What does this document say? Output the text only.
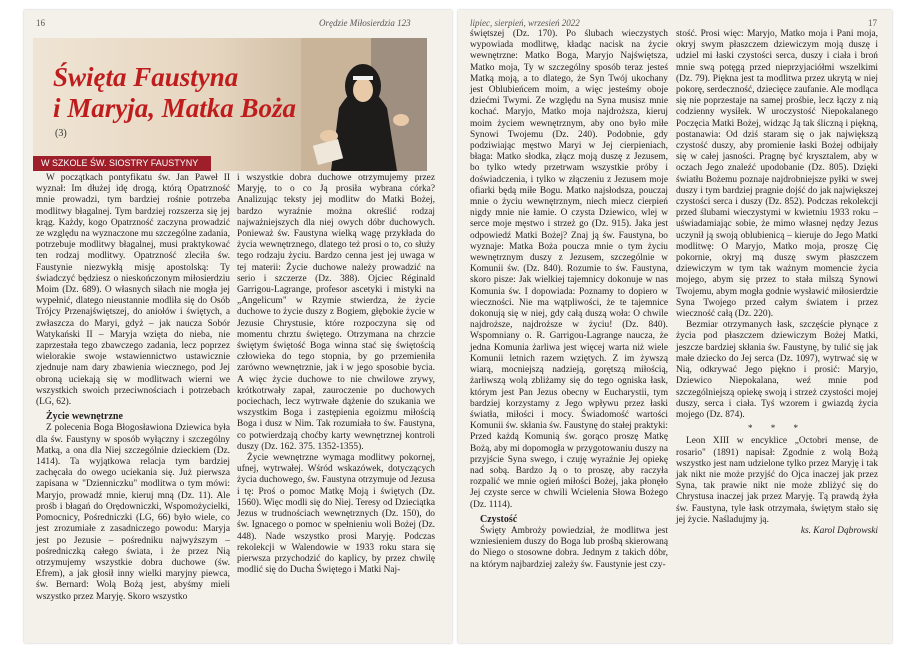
16	Orędzie Miłosierdzia 123
Święta Faustyna
i Maryja, Matka Boża
(3)
W SZKOLE ŚW. SIOSTRY FAUSTYNY

W początkach pontyfikatu św. Jan Paweł II wyznał: Im dłużej idę drogą, którą Opatrzność mnie prowadzi, tym bardziej rośnie potrzeba modlitwy błagalnej. Tym bardziej rozszerza się jej krąg. Każdy, kogo Opatrzność zaczyna prowadzić ze względu na wyznaczone mu szczególne zadania, potrzebuje modlitwy błagalnej, musi praktykować ten rodzaj modlitwy. Opatrzność zleciła św. Faustynie niezwykłą misję apostolską: Ty świadczyć będziesz o nieskończonym miłosierdziu Moim (Dz. 689). O własnych siłach nie mogła jej wypełnić, dlatego nieustannie modliła się do Osób Trójcy Przenajświętszej, do aniołów i świętych, a zwłaszcza do Maryi, gdyż – jak naucza Sobór Watykański II – Maryja wzięta do nieba, nie zaprzestała tego zbawczego zadania, lecz poprzez wielorakie swoje wstawiennictwo ustawicznie zjednuje nam dary zbawienia wiecznego, pod Jej obroną uciekają się w modlitwach wierni we wszystkich swoich przeciwnościach i potrzebach (LG, 62).

Życie wewnętrzne

Z polecenia Boga Błogosławiona Dziewica była dla św. Faustyny w sposób wyłączny i szczególny Matką, a ona dla Niej szczególnie dzieckiem (Dz. 1414). Ta wyjątkowa relacja tym bardziej zachęcała do owego uciekania się. Już pierwsza zapisana w "Dzienniczku" modlitwa o tym mówi: Maryjo, prowadź mnie, kieruj mną (Dz. 11). Ale prośb i błagań do Orędowniczki, Wspomożycielki, Pomocnicy, Pośredniczki (LG, 66) było wiele, co jest zrozumiałe z zasadniczego powodu: Maryja jest po Jezusie – pośredniku najwyższym – pośredniczką całego świata, i że przez Nią otrzymujemy wszystkie dobra duchowe (św. Efrem), a jak głosił inny wielki maryjny piewca, św. Bernard: Wolą Bożą jest, abyśmy mieli wszystko przez Maryję. Skoro wszystko

i wszystkie dobra duchowe otrzymujemy przez Maryję, to o co Ją prosiła wybrana córka? Analizując teksty jej modlitw do Matki Bożej, bardzo wyraźnie można określić rodzaj najważniejszych dla niej owych dóbr duchowych. Ponieważ św. Faustyna wielką wagę przykłada do życia wewnętrznego, dlatego też prosi o to, co służy tego rodzaju życiu. Bardzo cenna jest jej uwaga w tej materii: Życie duchowe należy prowadzić na serio i szczerze (Dz. 388). Ojciec Réginald Garrigou-Lagrange, profesor ascetyki i mistyki na „Angelicum" w Rzymie stwierdza, że życie duchowe to życie duszy z Bogiem, głębokie życie w Jezusie Chrystusie, które rozpoczyna się od momentu chrztu świętego. Otrzymana na chrzcie świętym świętość Boga winna stać się świętością człowieka do tego stopnia, by go przemieniła zarówno wewnętrznie, jak i w jego sposobie bycia. A więc życie duchowe to nie chwilowe zrywy, krótkotrwały zapał, zauroczenie po duchowych pociechach, lecz wytrwałe dążenie do szukania we wszystkim Boga i zastępienia egoizmu miłością Boga i dusz w Nim. Tak rozumiała to św. Faustyna, co potwierdzają choćby karty wewnętrznej kontroli duszy (Dz. 162. 375. 1352-1355).

Życie wewnętrzne wymaga modlitwy pokornej, ufnej, wytrwałej. Wśród wskazówek, dotyczących życia duchowego, św. Faustyna otrzymuje od Jezusa i tę: Proś o pomoc Matkę Moją i świętych (Dz. 1560). Więc modli się do Niej. Teresy od Dzieciątka Jezus w trudnościach wewnętrznych (Dz. 150), do św. Ignacego o pomoc w spełnieniu woli Bożej (Dz. 448). Nade wszystko prosi Maryję. Podczas rekolekcji w Walendowie w 1933 roku stara się pierwsza przychodzić do kaplicy, by przez chwilę modlić się do Ducha Świętego i Matki Naj-

lipiec, sierpień, wrzesień 2022	17

świętszej (Dz. 170). Po ślubach wieczystych wypowiada modlitwę, kładąc nacisk na życie wewnętrzne: Matko Boga, Maryjo Najświętsza, Matko moja, Ty w szczególny sposób teraz jesteś Matką moją, a to dlatego, że Syn Twój ukochany jest Oblubieńcem moim, a więc jesteśmy oboje dziećmi Twymi. Ze względu na Syna musisz mnie kochać. Maryjo, Matko moja najdroższa, kieruj moim życiem wewnętrznym, aby ono było miłe Synowi Twojemu (Dz. 240). Podobnie, gdy podziwiając męstwo Maryi w Jej cierpieniach, błaga: Matko słodka, złącz moją duszę z Jezusem, bo tylko wtedy przetrwam wszystkie próby i doświadczenia, i tylko w złączeniu z Jezusem moje ofiarki będą miłe Bogu. Matko najsłodsza, pouczaj mnie o życiu wewnętrznym, niech miecz cierpień nigdy mnie nie łamie. O czysta Dziewico, wlej w serce moje męstwo i strzeż go (Dz. 915). Jaka jest odpowiedź Matki Bożej? Znaj ją św. Faustyna, bo wyznaje: Matka Boża poucza mnie o tym życiu wewnętrznym duszy z Jezusem, szczególnie w Komunii św. (Dz. 840). Rozumie to św. Faustyna, skoro pisze: Jak wielkiej tajemnicy dokonuje w nas Komunia św. I dopowiada: Poznamy to dopiero w wieczności. Nie ma wątpliwości, że te tajemnice dokonują się w niej, gdy całą duszą woła: O chwile najdroższe, najdroższe w życiu! (Dz. 840). Wspomniany o. R. Garrigou-Lagrange naucza, że jedna Komunia żarliwa jest więcej warta niż wiele Komunii letnich razem wziętych. Z im żywszą wiarą, mocniejszą nadzieją, gorętszą miłością, żarliwszą wolą zbliżamy się do tego ogniska łask, którym jest Pan Jezus obecny w Eucharystii, tym bardziej korzystamy z Jego wpływu przez łaski światła, miłości i mocy. Świadomość wartości Komunii św. skłania św. Faustynę do stałej praktyki: Przed każdą Komunią św. gorąco proszę Matkę Bożą, aby mi dopomogła w przygotowaniu duszy na przyjście Syna swego, i czuję wyraźnie Jej opiekę nad sobą. Bardzo Ją o to proszę, aby raczyła rozpalić we mnie ogień miłości Bożej, jaka płonęło Jej czyste serce w chwili Wcielenia Słowa Bożego (Dz. 1114).

Czystość

Święty Ambroży powiedział, że modlitwa jest wzniesieniem duszy do Boga lub prośbą skierowaną do Niego o stosowne dobra. Jednym z takich dóbr, na którym najbardziej zależy św. Faustynie jest czy-

stość. Prosi więc: Maryjo, Matko moja i Pani moja, okryj swym płaszczem dziewiczym moją duszę i udziel mi łaski czystości serca, duszy i ciała i broń mnie swą potęgą przed nieprzyjaciółmi wszelkimi (Dz. 79). Piękna jest ta modlitwa przez ukrytą w niej pokorę, serdeczność, dziecięce zaufanie. Ale modląca się nie poprzestaje na samej prośbie, lecz łączy z nią codzienny wysiłek. W uroczystość Niepokalanego Poczęcia Matki Bożej, widząc Ją tak śliczną i piękną, postanawia: Od dziś staram się o jak największą czystość duszy, aby promienie łaski Bożej odbijały się w całej jasności. Pragnę być krysztalem, aby w oczach Jego znaleźć upodobanie (Dz. 805). Dzięki światłu Bożemu poznaje najdrobniejsze pyłki w swej duszy i tym bardziej pragnie dojść do jak największej czystości serca i duszy (Dz. 852). Podczas rekolekcji przed ślubami wieczystymi w kwietniu 1933 roku – uświadamiając sobie, że mimo własnej nędzy Jezus uczynił ją swoją oblubienicą – kieruje do Jego Matki modlitwę: O Maryjo, Matko moja, proszę Cię pokornie, okryj mą duszę swym płaszczem dziewiczym w tym tak ważnym momencie życia mojego, abym się przez to stała milszą Synowi Twojemu, abym mogła godnie wysławić miłosierdzie Syna Twojego przed całym światem i przez wieczność całą (Dz. 220).

Bezmiar otrzymanych łask, szczęście płynące z życia pod płaszczem dziewiczym Bożej Matki, jeszcze bardziej skłania św. Faustynę, by tulić się jak małe dziecko do Jej serca (Dz. 1097), wytrwać się w Nią, odkrywać Jego piękno i prosić: Maryjo, Dziewico Niepokalana, weź mnie pod szczególniejszą opiekę swoją i strzeż czystości mojej duszy, serca i ciała. Tyś wzorem i gwiazdą życia mojego (Dz. 874).

* * *

Leon XIII w encyklice „Octobri mense, de rosario" (1891) napisał: Zgodnie z wolą Bożą wszystko jest nam udzielone tylko przez Maryję i tak jak nikt nie może przyjść do Ojca inaczej jak przez Syna, tak prawie nikt nie może zbliżyć się do Chrystusa inaczej jak przez Maryję. Tą prawdą żyła św. Faustyna, tyle łask otrzymała, świętym stało się jej życie. Naśladujmy ją.

ks. Karol Dąbrowski
